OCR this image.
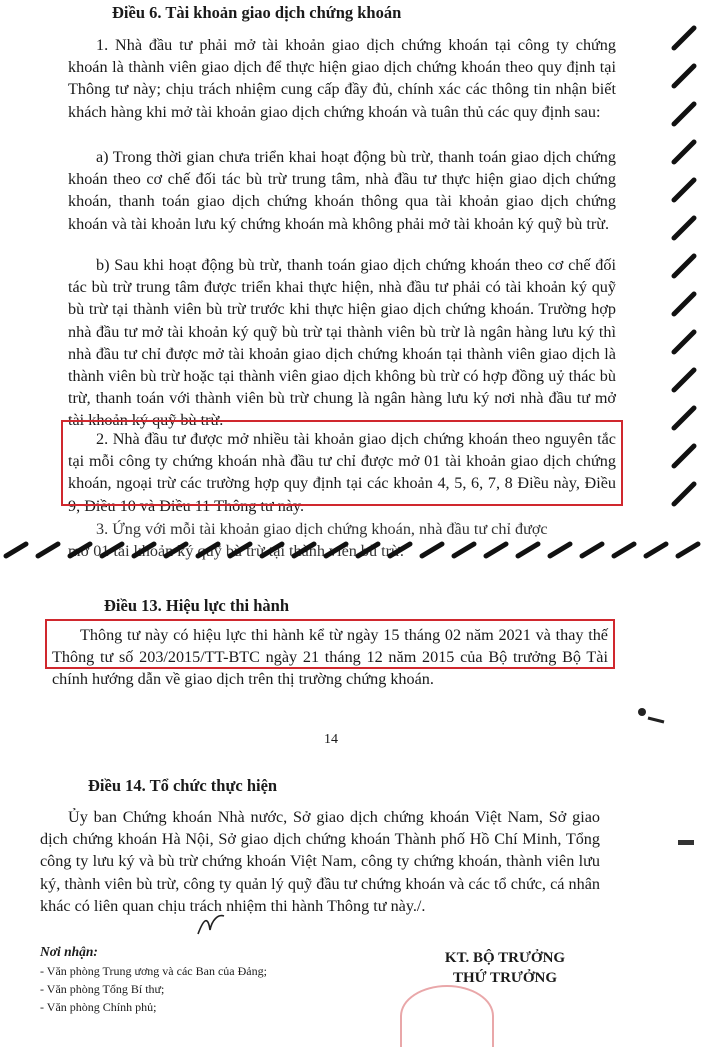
Điều 6. Tài khoản giao dịch chứng khoán
1. Nhà đầu tư phải mở tài khoản giao dịch chứng khoán tại công ty chứng khoán là thành viên giao dịch để thực hiện giao dịch chứng khoán theo quy định tại Thông tư này; chịu trách nhiệm cung cấp đầy đủ, chính xác các thông tin nhận biết khách hàng khi mở tài khoản giao dịch chứng khoán và tuân thủ các quy định sau:
a) Trong thời gian chưa triển khai hoạt động bù trừ, thanh toán giao dịch chứng khoán theo cơ chế đối tác bù trừ trung tâm, nhà đầu tư thực hiện giao dịch chứng khoán, thanh toán giao dịch chứng khoán thông qua tài khoản giao dịch chứng khoán và tài khoản lưu ký chứng khoán mà không phải mở tài khoản ký quỹ bù trừ.
b) Sau khi hoạt động bù trừ, thanh toán giao dịch chứng khoán theo cơ chế đối tác bù trừ trung tâm được triển khai thực hiện, nhà đầu tư phải có tài khoản ký quỹ bù trừ tại thành viên bù trừ trước khi thực hiện giao dịch chứng khoán. Trường hợp nhà đầu tư mở tài khoản ký quỹ bù trừ tại thành viên bù trừ là ngân hàng lưu ký thì nhà đầu tư chỉ được mở tài khoản giao dịch chứng khoán tại thành viên giao dịch là thành viên bù trừ hoặc tại thành viên giao dịch không bù trừ có hợp đồng uỷ thác bù trừ, thanh toán với thành viên bù trừ chung là ngân hàng lưu ký nơi nhà đầu tư mở tài khoản ký quỹ bù trừ.
2. Nhà đầu tư được mở nhiều tài khoản giao dịch chứng khoán theo nguyên tắc tại mỗi công ty chứng khoán nhà đầu tư chỉ được mở 01 tài khoản giao dịch chứng khoán, ngoại trừ các trường hợp quy định tại các khoản 4, 5, 6, 7, 8 Điều này, Điều 9, Điều 10 và Điều 11 Thông tư này.
3. Ứng với mỗi tài khoản giao dịch chứng khoán, nhà đầu tư chỉ được
mở 01 tài khoản ký quỹ bù trừ tại thành viên bù trừ.
Điều 13. Hiệu lực thi hành
Thông tư này có hiệu lực thi hành kể từ ngày 15 tháng 02 năm 2021 và thay thế Thông tư số 203/2015/TT-BTC ngày 21 tháng 12 năm 2015 của Bộ trưởng Bộ Tài chính hướng dẫn về giao dịch trên thị trường chứng khoán.
14
Điều 14. Tổ chức thực hiện
Ủy ban Chứng khoán Nhà nước, Sở giao dịch chứng khoán Việt Nam, Sở giao dịch chứng khoán Hà Nội, Sở giao dịch chứng khoán Thành phố Hồ Chí Minh, Tổng công ty lưu ký và bù trừ chứng khoán Việt Nam, công ty chứng khoán, thành viên lưu ký, thành viên bù trừ, công ty quản lý quỹ đầu tư chứng khoán và các tổ chức, cá nhân khác có liên quan chịu trách nhiệm thi hành Thông tư này./.
Nơi nhận:
- Văn phòng Trung ương và các Ban của Đảng;
- Văn phòng Tổng Bí thư;
- Văn phòng Chính phủ;
KT. BỘ TRƯỞNG
THỨ TRƯỞNG
